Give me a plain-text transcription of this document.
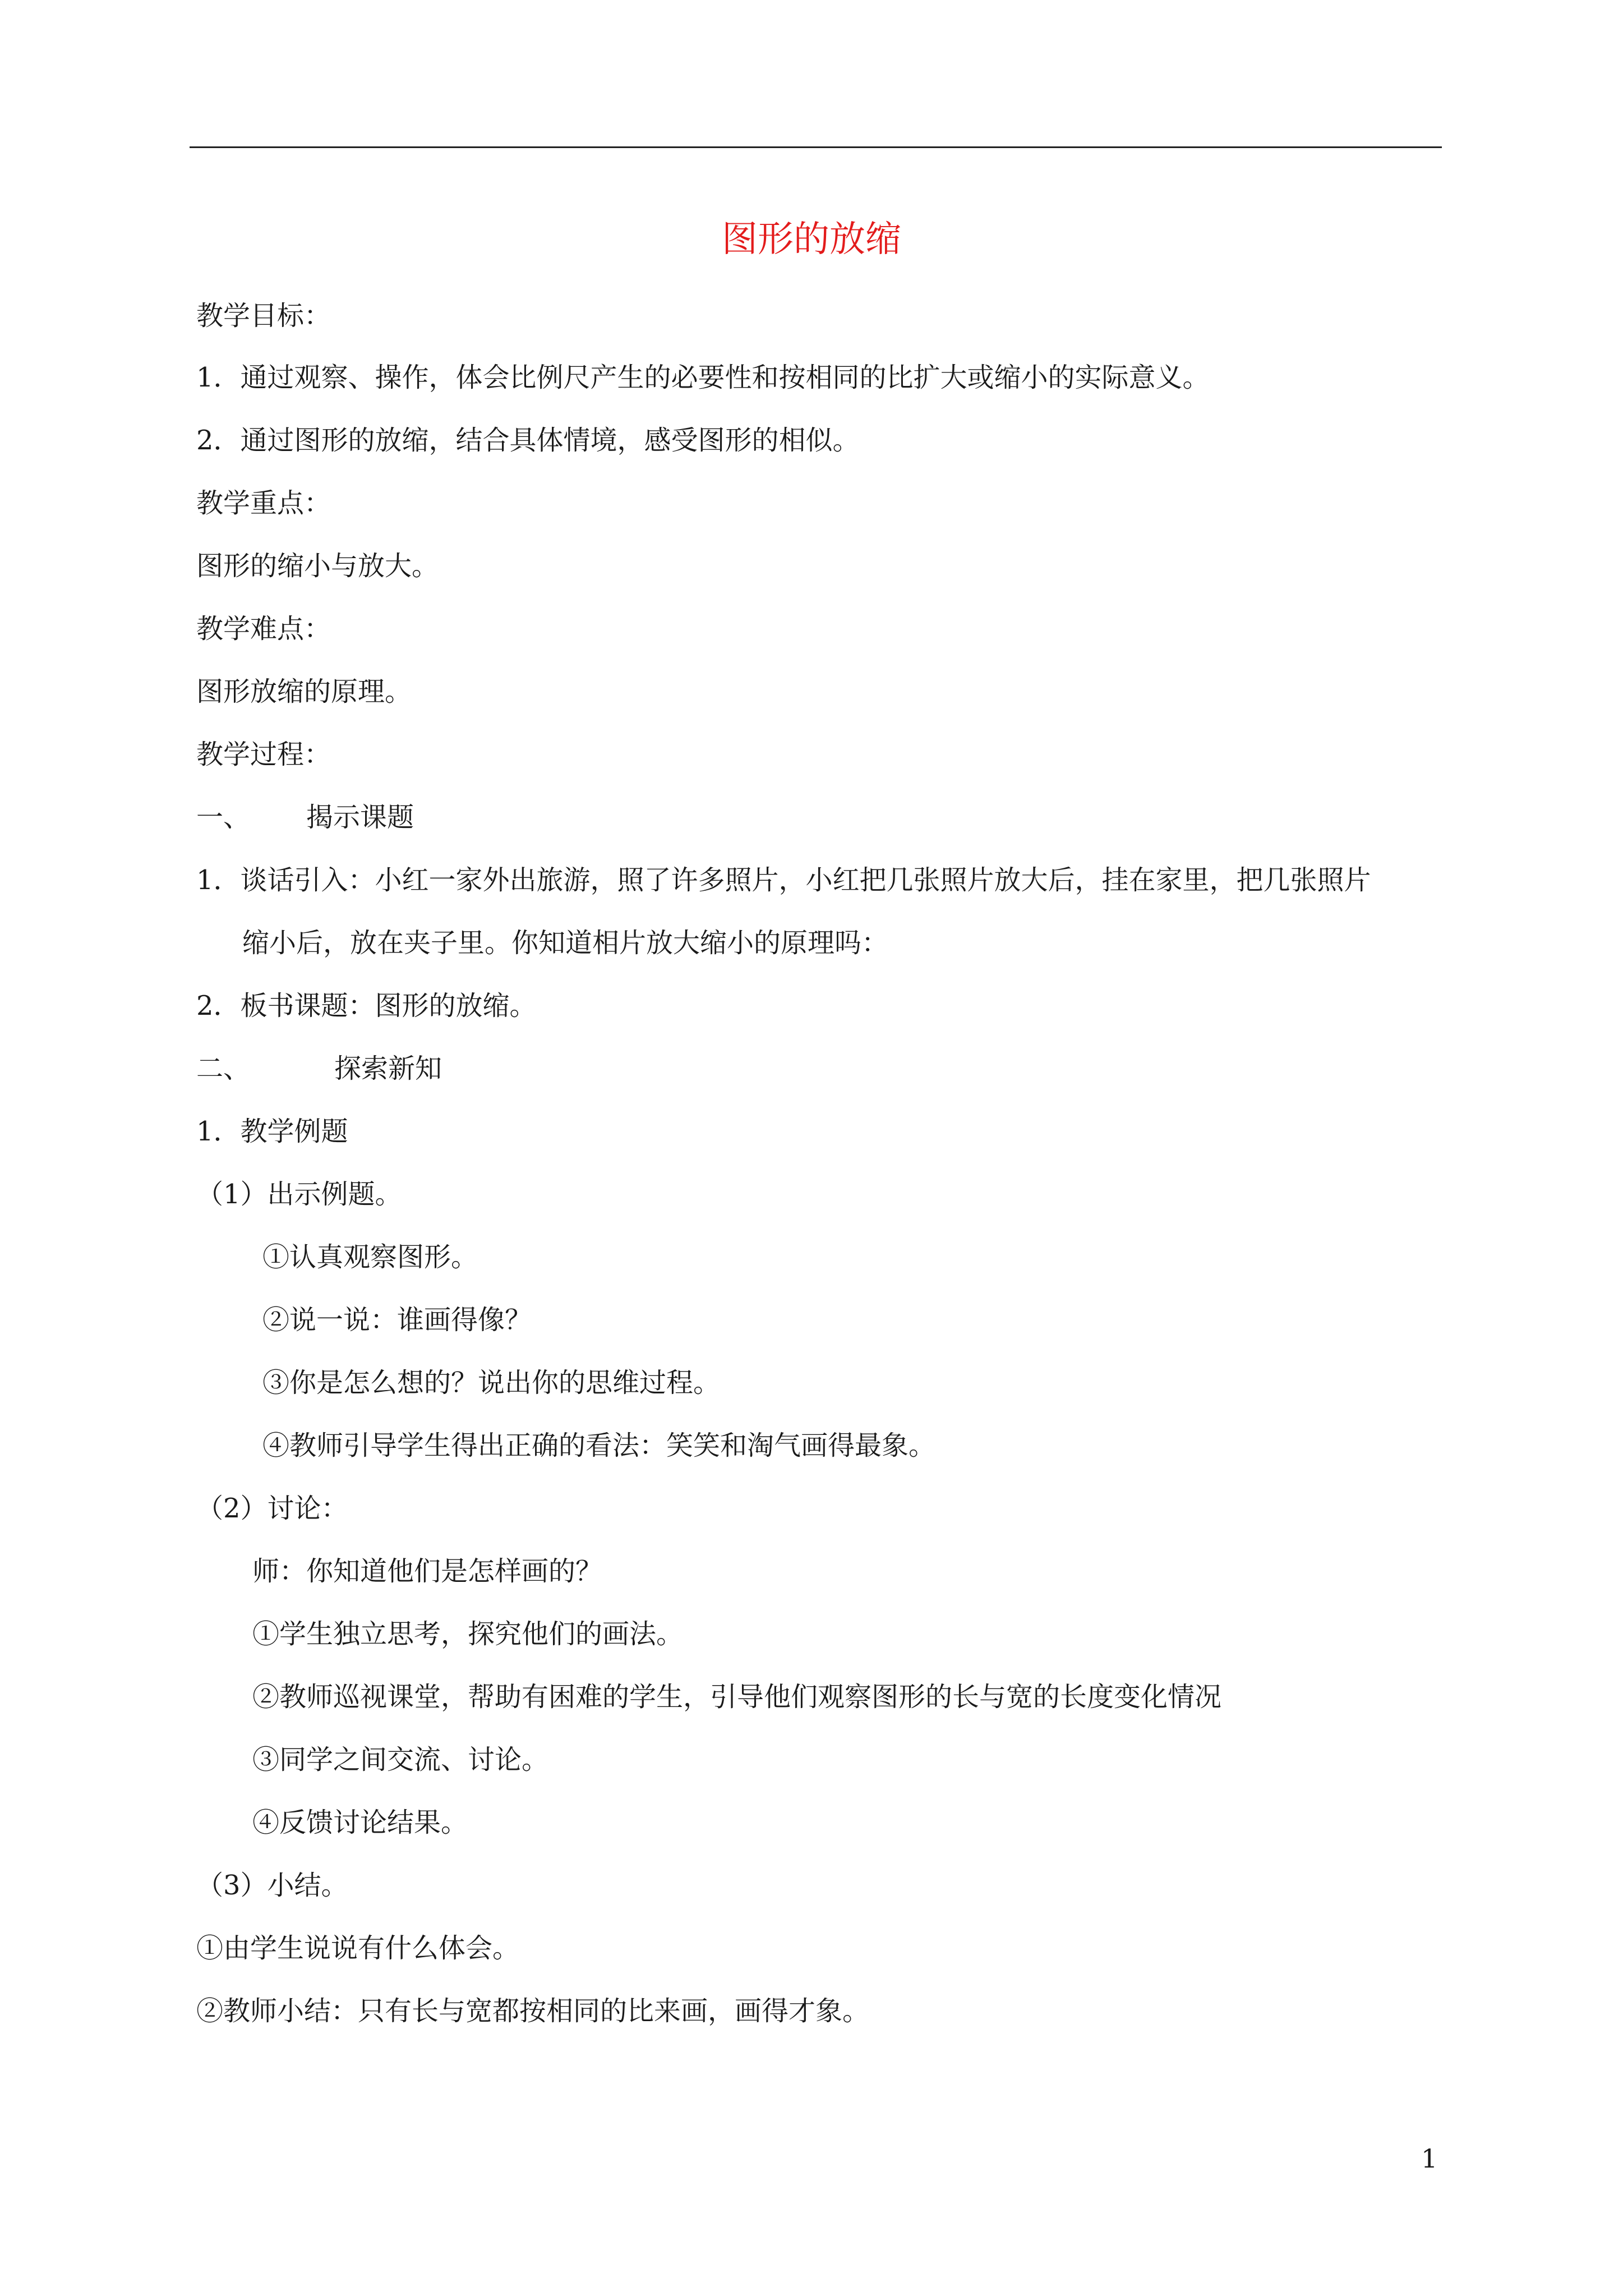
图形的放缩
教学目标：
1．通过观察、操作，体会比例尺产生的必要性和按相同的比扩大或缩小的实际意义。
2．通过图形的放缩，结合具体情境，感受图形的相似。
教学重点：
图形的缩小与放大。
教学难点：
图形放缩的原理。
教学过程：
一、 揭示课题
1．谈话引入：小红一家外出旅游，照了许多照片，小红把几张照片放大后，挂在家里，把几张照片
缩小后，放在夹子里。你知道相片放大缩小的原理吗：
2．板书课题：图形的放缩。
二、	探索新知
1．教学例题
（1）出示例题。
①认真观察图形。
②说一说：谁画得像？
③你是怎么想的？说出你的思维过程。
④教师引导学生得出正确的看法：笑笑和淘气画得最象。
（2）讨论：
师：你知道他们是怎样画的？
①学生独立思考，探究他们的画法。
②教师巡视课堂，帮助有困难的学生，引导他们观察图形的长与宽的长度变化情况
③同学之间交流、讨论。
④反馈讨论结果。
（3）小结。
①由学生说说有什么体会。
②教师小结：只有长与宽都按相同的比来画，画得才象。
1
